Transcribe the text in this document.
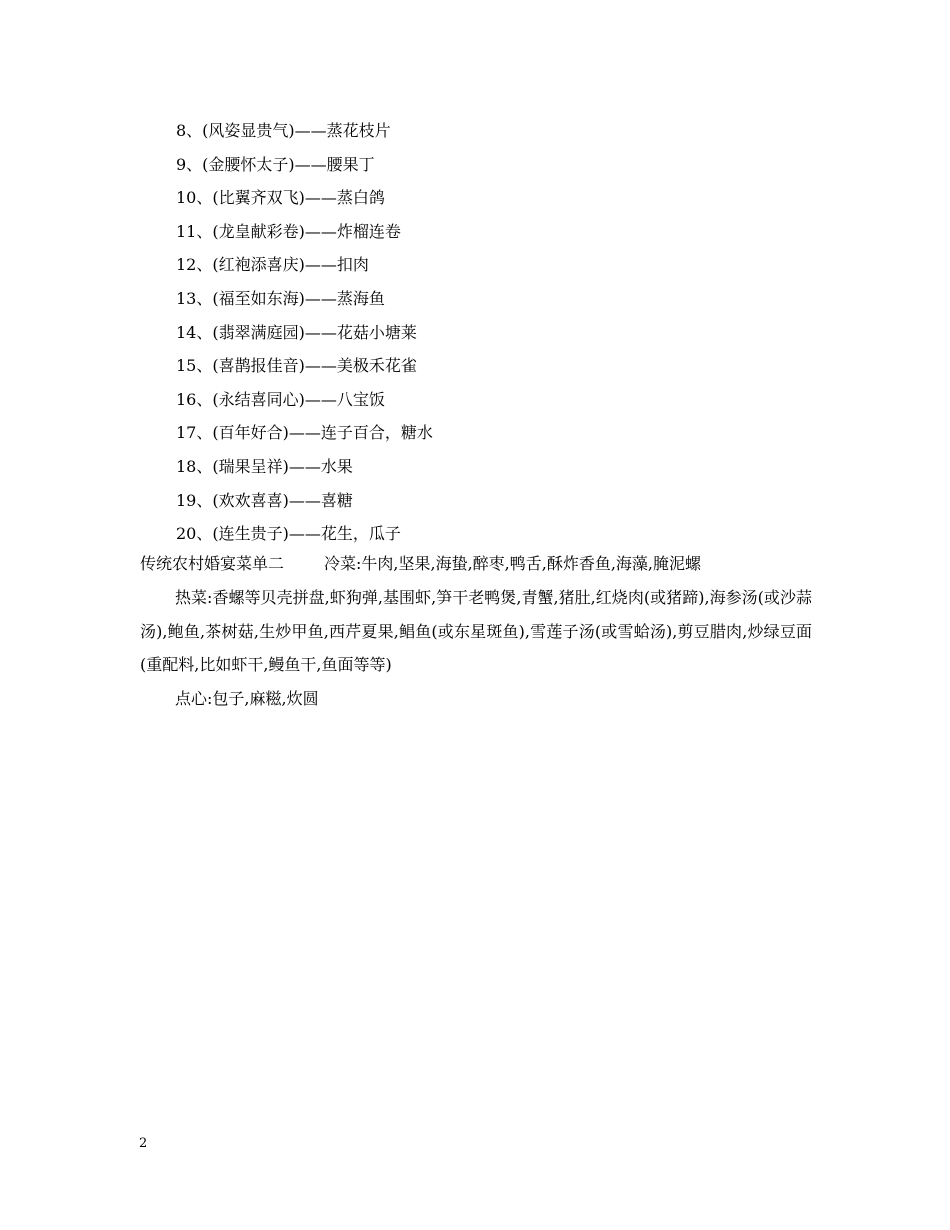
8、(风姿显贵气)——蒸花枝片
9、(金腰怀太子)——腰果丁
10、(比翼齐双飞)——蒸白鸽
11、(龙皇献彩卷)——炸榴连卷
12、(红袍添喜庆)——扣肉
13、(福至如东海)——蒸海鱼
14、(翡翠满庭园)——花菇小塘莱
15、(喜鹊报佳音)——美极禾花雀
16、(永结喜同心)——八宝饭
17、(百年好合)——连子百合，糖水
18、(瑞果呈祥)——水果
19、(欢欢喜喜)——喜糖
20、(连生贵子)——花生，瓜子

传统农村婚宴菜单二	冷菜:牛肉,坚果,海蛰,醉枣,鸭舌,酥炸香鱼,海藻,腌泥螺

热菜:香螺等贝壳拼盘,虾狗弹,基围虾,笋干老鸭煲,青蟹,猪肚,红烧肉(或猪蹄),海参汤(或沙蒜汤),鲍鱼,茶树菇,生炒甲鱼,西芹夏果,鲳鱼(或东星斑鱼),雪莲子汤(或雪蛤汤),剪豆腊肉,炒绿豆面(重配料,比如虾干,鳗鱼干,鱼面等等)

点心:包子,麻糍,炊圆

2
